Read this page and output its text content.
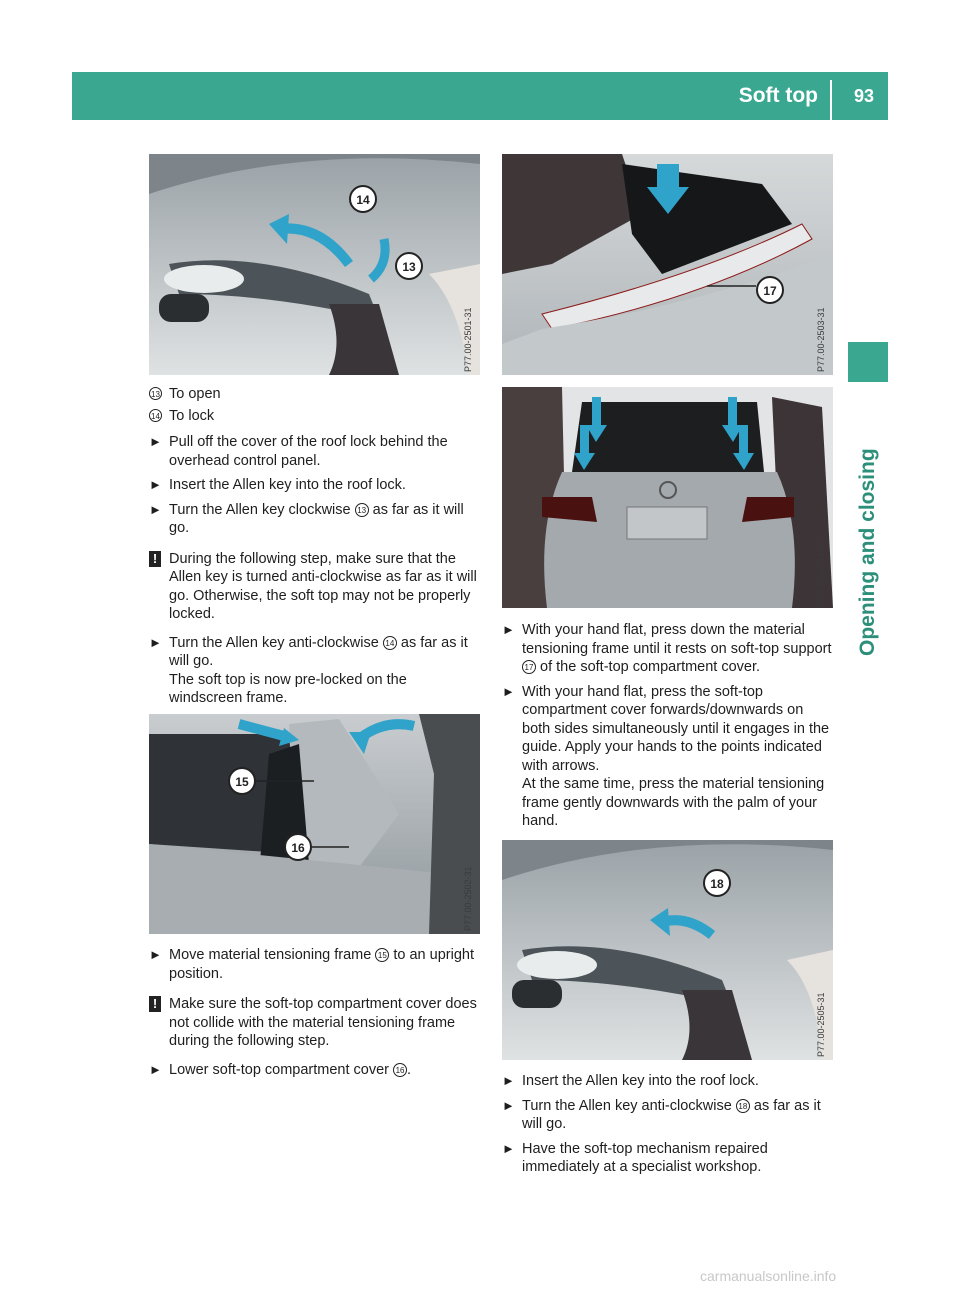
Soft top 93
Opening and closing
14
13
P77.00-2501-31
15
16
P77.00-2502-31
17
P77.00-2503-31
P77.00-2504-31
18
P77.00-2505-31
13 To open
14 To lock
► Pull off the cover of the roof lock behind the overhead control panel.
► Insert the Allen key into the roof lock.
► Turn the Allen key clockwise 13 as far as it will go.
! During the following step, make sure that the Allen key is turned anti-clockwise as far as it will go. Otherwise, the soft top may not be properly locked.
► Turn the Allen key anti-clockwise 14 as far as it will go.
The soft top is now pre-locked on the windscreen frame.
► Move material tensioning frame 15 to an upright position.
! Make sure the soft-top compartment cover does not collide with the material tensioning frame during the following step.
► Lower soft-top compartment cover 16 .
► With your hand flat, press down the material tensioning frame until it rests on soft-top support 17 of the soft-top compartment cover.
► With your hand flat, press the soft-top compartment cover forwards/downwards on both sides simultaneously until it engages in the guide. Apply your hands to the points indicated with arrows.
At the same time, press the material tensioning frame gently downwards with the palm of your hand.
► Insert the Allen key into the roof lock.
► Turn the Allen key anti-clockwise 18 as far as it will go.
► Have the soft-top mechanism repaired immediately at a specialist workshop.
carmanualsonline.info
